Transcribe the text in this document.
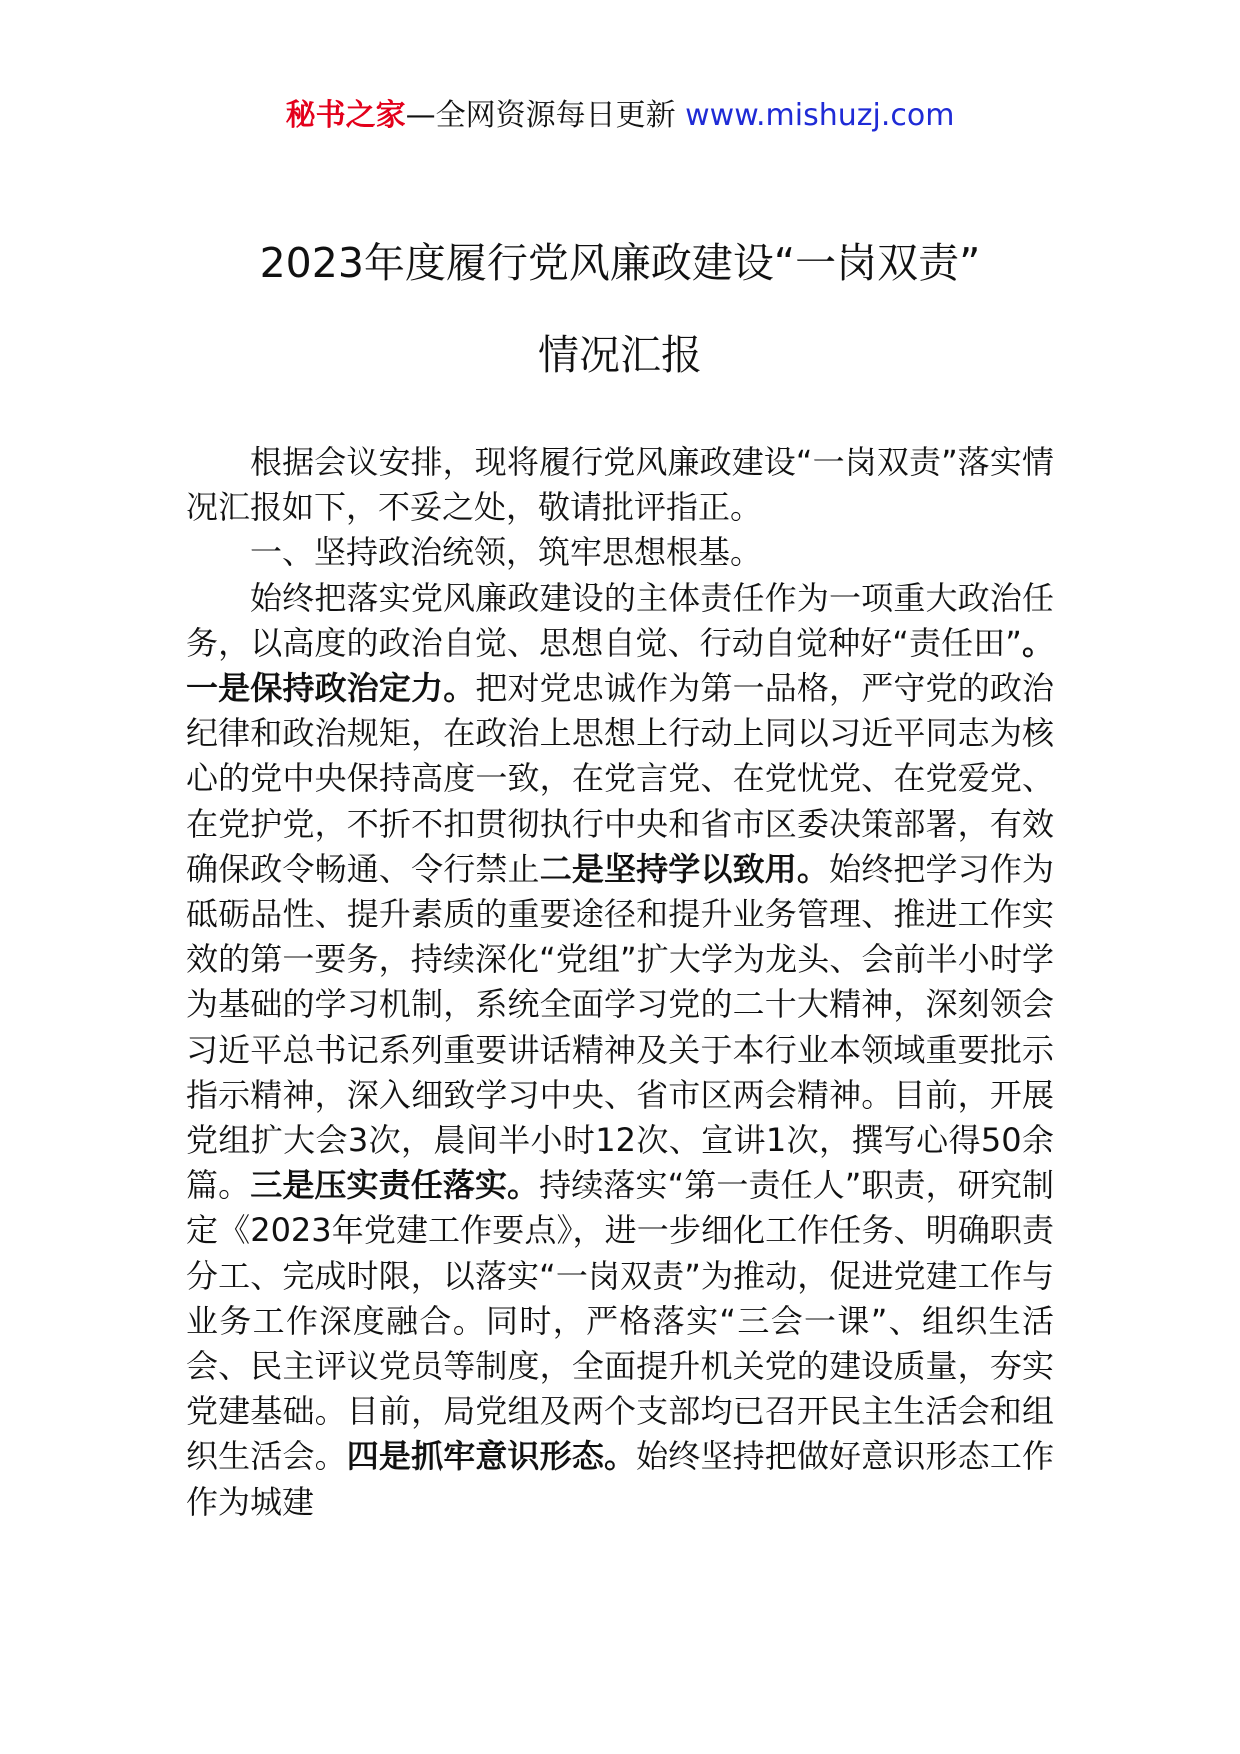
秘书之家—全网资源每日更新 www.mishuzj.com
2023年度履行党风廉政建设“一岗双责”
情况汇报

根据会议安排，现将履行党风廉政建设“一岗双责”落实情况汇报如下，不妥之处，敬请批评指正。

一、坚持政治统领，筑牢思想根基。

始终把落实党风廉政建设的主体责任作为一项重大政治任务，以高度的政治自觉、思想自觉、行动自觉种好“责任田”。一是保持政治定力。把对党忠诚作为第一品格，严守党的政治纪律和政治规矩，在政治上思想上行动上同以习近平同志为核心的党中央保持高度一致，在党言党、在党忧党、在党爱党、在党护党，不折不扣贯彻执行中央和省市区委决策部署，有效确保政令畅通、令行禁止二是坚持学以致用。始终把学习作为砥砺品性、提升素质的重要途径和提升业务管理、推进工作实效的第一要务，持续深化“党组”扩大学为龙头、会前半小时学为基础的学习机制，系统全面学习党的二十大精神，深刻领会习近平总书记系列重要讲话精神及关于本行业本领域重要批示指示精神，深入细致学习中央、省市区两会精神。目前，开展党组扩大会3次，晨间半小时12次、宣讲1次，撰写心得50余篇。三是压实责任落实。持续落实“第一责任人”职责，研究制定《2023年党建工作要点》，进一步细化工作任务、明确职责分工、完成时限，以落实“一岗双责”为推动，促进党建工作与业务工作深度融合。同时，严格落实“三会一课”、组织生活会、民主评议党员等制度，全面提升机关党的建设质量，夯实党建基础。目前，局党组及两个支部均已召开民主生活会和组织生活会。四是抓牢意识形态。始终坚持把做好意识形态工作作为城建
